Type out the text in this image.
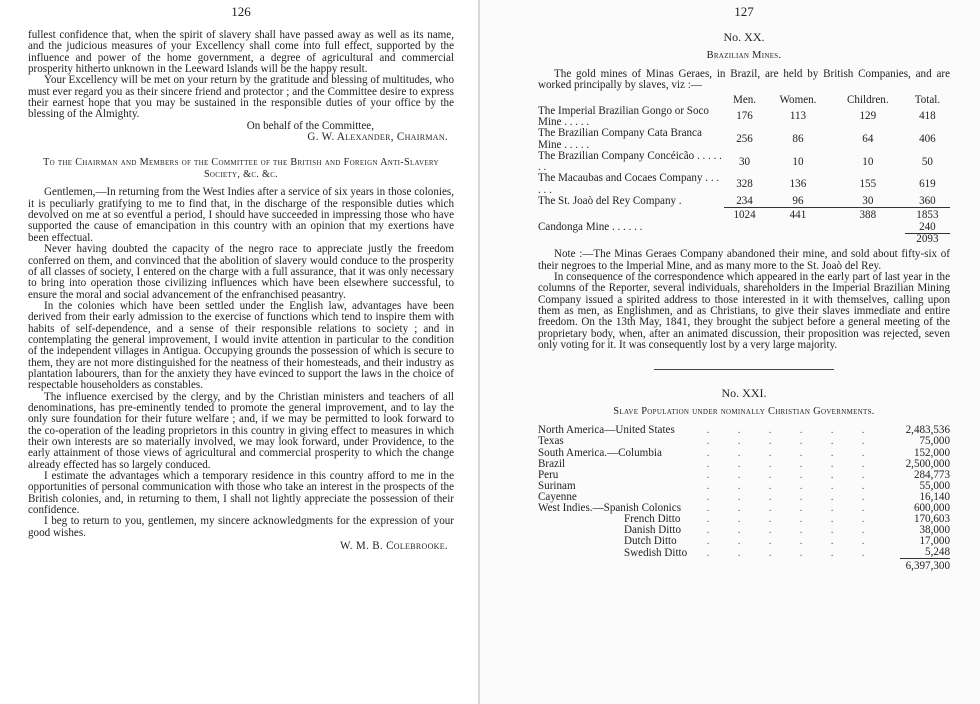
126

fullest confidence that, when the spirit of slavery shall have passed away as well as its name, and the judicious measures of your Excellency shall come into full effect, supported by the influence and power of the home government, a degree of agricultural and commercial prosperity hitherto unknown in the Leeward Islands will be the happy result.

Your Excellency will be met on your return by the gratitude and blessing of multitudes, who must ever regard you as their sincere friend and protector ; and the Committee desire to express their earnest hope that you may be sustained in the responsible duties of your office by the blessing of the Almighty.

On behalf of the Committee,

G. W. Alexander, Chairman.

To the Chairman and Members of the Committee of the British and Foreign Anti-Slavery Society, &c. &c.

Gentlemen,—In returning from the West Indies after a service of six years in those colonies, it is peculiarly gratifying to me to find that, in the discharge of the responsible duties which devolved on me at so eventful a period, I should have succeeded in impressing those who have supported the cause of emancipation in this country with an opinion that my exertions have been effectual.

Never having doubted the capacity of the negro race to appreciate justly the freedom conferred on them, and convinced that the abolition of slavery would conduce to the prosperity of all classes of society, I entered on the charge with a full assurance, that it was only necessary to bring into operation those civilizing influences which have been elsewhere successful, to ensure the moral and social advancement of the enfranchised peasantry.

In the colonies which have been settled under the English law, advantages have been derived from their early admission to the exercise of functions which tend to inspire them with habits of self-dependence, and a sense of their responsible relations to society ; and in contemplating the general improvement, I would invite attention in particular to the condition of the independent villages in Antigua. Occupying grounds the possession of which is secure to them, they are not more distinguished for the neatness of their homesteads, and their industry as plantation labourers, than for the anxiety they have evinced to support the laws in the choice of respectable householders as constables.

The influence exercised by the clergy, and by the Christian ministers and teachers of all denominations, has pre-eminently tended to promote the general improvement, and to lay the only sure foundation for their future welfare ; and, if we may be permitted to look forward to the co-operation of the leading proprietors in this country in giving effect to measures in which their own interests are so materially involved, we may look forward, under Providence, to the early attainment of those views of agricultural and commercial prosperity to which the change already effected has so largely conduced.

I estimate the advantages which a temporary residence in this country afford to me in the opportunities of personal communication with those who take an interest in the prospects of the British colonies, and, in returning to them, I shall not lightly appreciate the possession of their confidence.

I beg to return to you, gentlemen, my sincere acknowledgments for the expression of your good wishes.

W. M. B. Colebrooke.

127
No. XX.
Brazilian Mines.

The gold mines of Minas Geraes, in Brazil, are held by British Companies, and are worked principally by slaves, viz :—

	Men.	Women.	Children.	Total.
The Imperial Brazilian Gongo or Soco Mine . . . . .	176	113	129	418
The Brazilian Company Cata Branca Mine . . . . .	256	86	64	406
The Brazilian Company Concéicão . . . . . . .	30	10	10	50
The Macaubas and Cocaes Company . . . . . .	328	136	155	619
The St. Joaò del Rey Company .	234	96	30	360
	1024	441	388	1853
Candonga Mine . . . . . .				240
				2093

Note :—The Minas Geraes Company abandoned their mine, and sold about fifty-six of their negroes to the Imperial Mine, and as many more to the St. Joaò del Rey.

In consequence of the correspondence which appeared in the early part of last year in the columns of the Reporter, several individuals, shareholders in the Imperial Brazilian Mining Company issued a spirited address to those interested in it with themselves, calling upon them as men, as Englishmen, and as Christians, to give their slaves immediate and entire freedom. On the 13th May, 1841, they brought the subject before a general meeting of the proprietary body, when, after an animated discussion, their proposition was rejected, seven only voting for it. It was consequently lost by a very large majority.

No. XXI.
Slave Population under nominally Christian Governments.
North America—United States	. . . . . .	2,483,536
Texas	. . . . . .	75,000
South America.—Columbia	. . . . . .	152,000
Brazil	. . . . . .	2,500,000
Peru	. . . . . .	284,773
Surinam	. . . . . .	55,000
Cayenne	. . . . . .	16,140
West Indies.—Spanish Colonics	. . . . . .	600,000
French Ditto	. . . . . .	170,603
Danish Ditto	. . . . . .	38,000
Dutch Ditto	. . . . . .	17,000
Swedish Ditto	. . . . . .	5,248
		6,397,300
